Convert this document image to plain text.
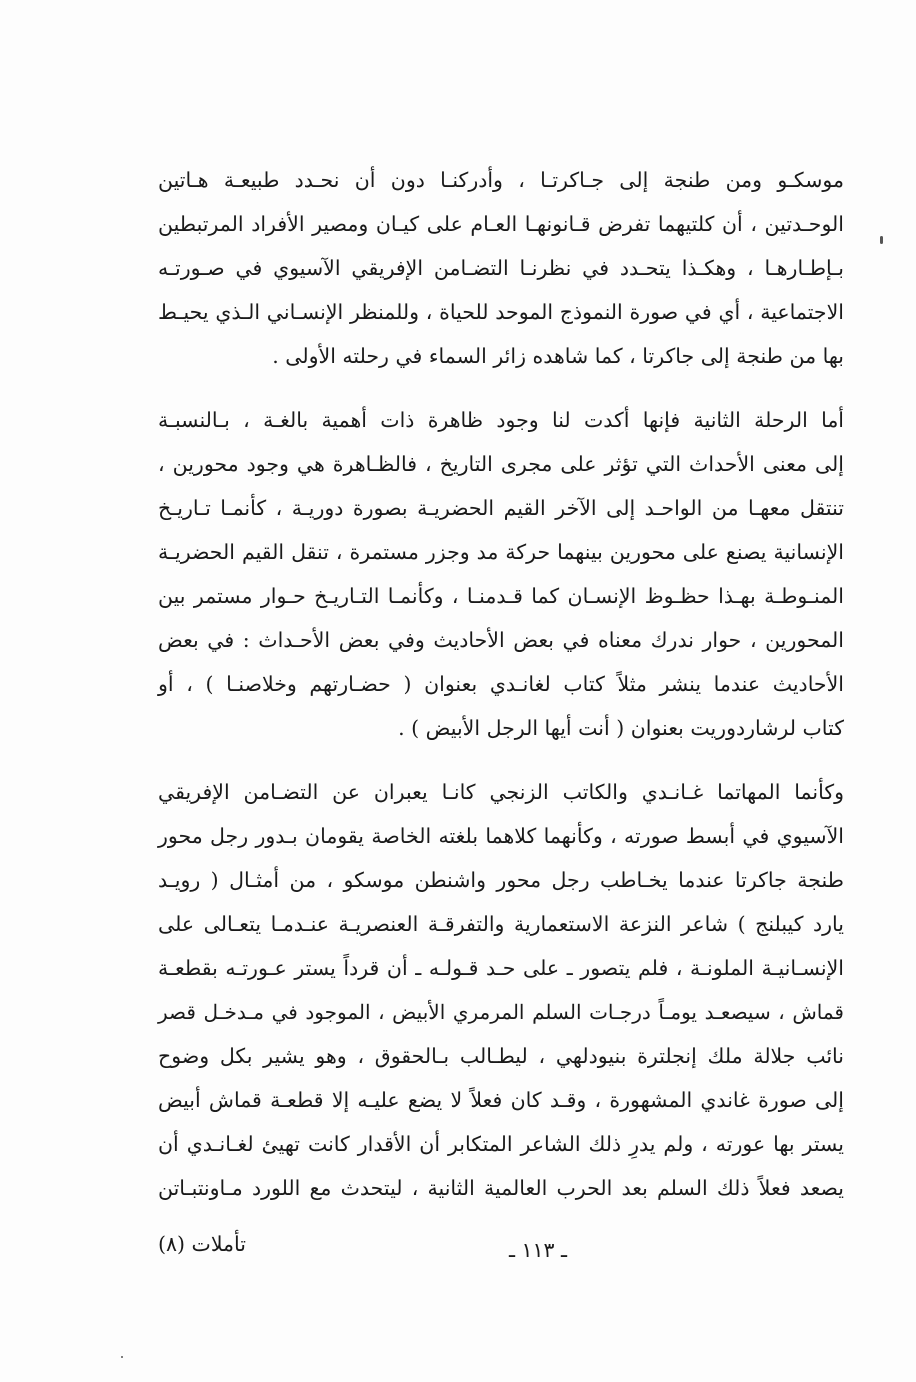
موسكـو ومن طنجة إلى جـاكرتـا ، وأدركنـا دون أن نحـدد طبيعـة هـاتين
الوحـدتين ، أن كلتيهما تفرض قـانونهـا العـام على كيـان ومصير الأفراد المرتبطين
بـإطـارهـا ، وهكـذا يتحـدد في نظرنـا التضـامن الإفريقي الآسيوي في صـورتـه
الاجتماعية ، أي في صورة النموذج الموحد للحياة ، وللمنظر الإنسـاني الـذي يحيـط
بها من طنجة إلى جاكرتا ، كما شاهده زائر السماء في رحلته الأولى .
أما الرحلة الثانية فإنها أكدت لنا وجود ظاهرة ذات أهمية بالغـة ، بـالنسبـة
إلى معنى الأحداث التي تؤثر على مجرى التاريخ ، فالظـاهرة هي وجود محورين ،
تنتقل معهـا من الواحـد إلى الآخر القيم الحضريـة بصورة دوريـة ، كأنمـا تـاريـخ
الإنسانية يصنع على محورين بينهما حركة مد وجزر مستمرة ، تنقل القيم الحضريـة
المنـوطـة بهـذا حظـوظ الإنسـان كما قـدمنـا ، وكأنمـا التـاريـخ حـوار مستمر بين
المحورين ، حوار ندرك معناه في بعض الأحاديث وفي بعض الأحـداث : في بعض
الأحاديث عندما ينشر مثلاً كتاب لغانـدي بعنوان ( حضـارتهم وخلاصنـا ) ، أو
كتاب لرشاردوريت بعنوان ( أنت أيها الرجل الأبيض ) .
وكأنما المهاتما غـانـدي والكاتب الزنجي كانـا يعبران عن التضـامن الإفريقي
الآسيوي في أبسط صورته ، وكأنهما كلاهما بلغته الخاصة يقومان بـدور رجل محور
طنجة جاكرتا عندما يخـاطب رجل محور واشنطن موسكو ، من أمثـال ( رويـد
يارد كيبلنج ) شاعر النزعة الاستعمارية والتفرقـة العنصريـة عنـدمـا يتعـالى على
الإنسـانيـة الملونـة ، فلم يتصور ـ على حـد قـولـه ـ أن قرداً يستر عـورتـه بقطعـة
قماش ، سيصعـد يومـاً درجـات السلم المرمري الأبيض ، الموجود في مـدخـل قصر
نائب جلالة ملك إنجلترة بنيودلهي ، ليطـالب بـالحقوق ، وهو يشير بكل وضوح
إلى صورة غاندي المشهورة ، وقـد كان فعلاً لا يضع عليـه إلا قطعـة قماش أبيض
يستر بها عورته ، ولم يدرِ ذلك الشاعر المتكابر أن الأقدار كانت تهيئ لغـانـدي أن
يصعد فعلاً ذلك السلم بعد الحرب العالمية الثانية ، ليتحدث مع اللورد مـاونتبـاتن
ـ ١١٣ ـ
تأملات (٨)
